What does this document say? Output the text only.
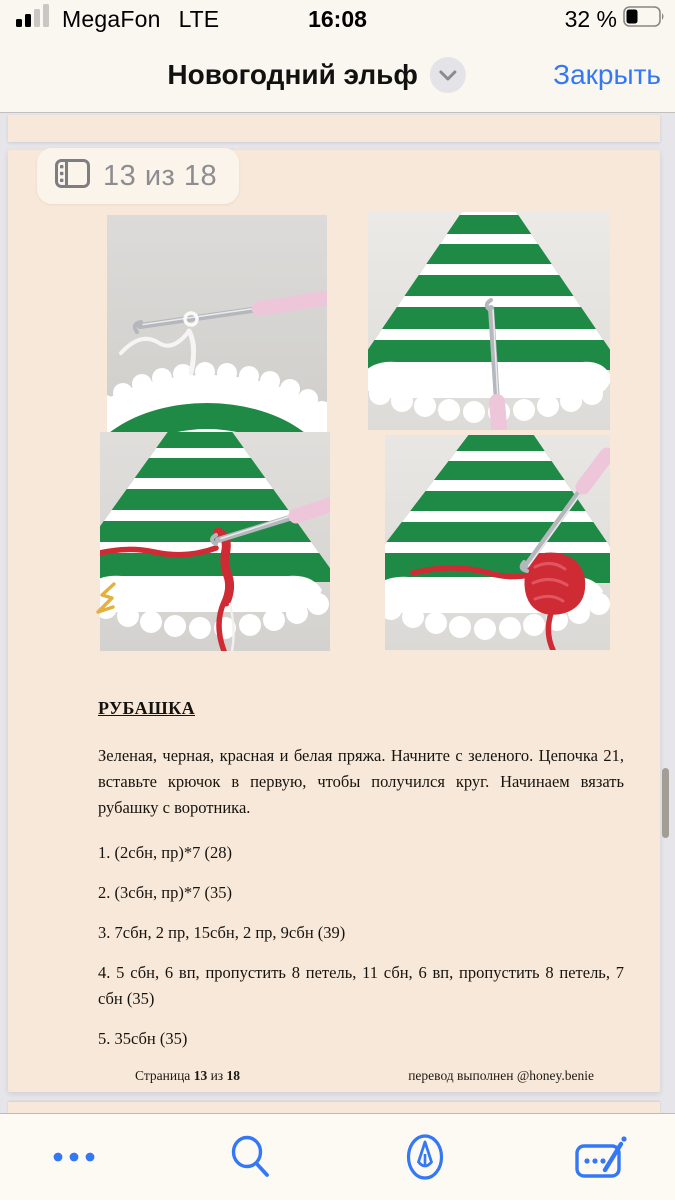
MegaFon LTE	16:08	32 %
Новогодний эльф	Закрыть
13 из 18
РУБАШКА
Зеленая, черная, красная и белая пряжа. Начните с зеленого. Цепочка 21, вставьте крючок в первую, чтобы получился круг. Начинаем вязать рубашку с воротника.
1. (2сбн, пр)*7 (28)
2. (3сбн, пр)*7 (35)
3. 7сбн, 2 пр, 15сбн, 2 пр, 9сбн (39)
4. 5 сбн, 6 вп, пропустить 8 петель, 11 сбн, 6 вп, пропустить 8 петель, 7 сбн (35)
5. 35сбн (35)
Страница 13 из 18	перевод выполнен @honey.benie
